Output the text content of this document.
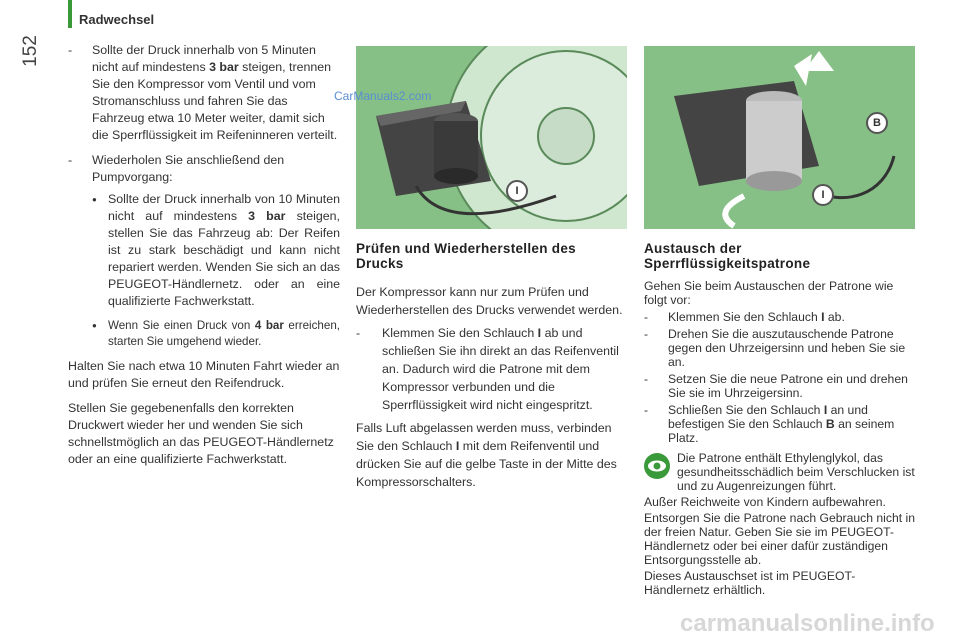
Radwechsel
152
-	Sollte der Druck innerhalb von 5 Minuten nicht auf mindestens 3 bar steigen, trennen Sie den Kompressor vom Ventil und vom Stromanschluss und fahren Sie das Fahrzeug etwa 10 Meter weiter, damit sich die Sperrflüssigkeit im Reifeninneren verteilt.
- Wiederholen Sie anschließend den Pumpvorgang:
● Sollte der Druck innerhalb von 10 Minuten nicht auf mindestens 3 bar steigen, stellen Sie das Fahrzeug ab: Der Reifen ist zu stark beschädigt und kann nicht repariert werden. Wenden Sie sich an das PEUGEOT-Händlernetz. oder an eine qualifizierte Fachwerkstatt.
● Wenn Sie einen Druck von 4 bar erreichen, starten Sie umgehend wieder.
Halten Sie nach etwa 10 Minuten Fahrt wieder an und prüfen Sie erneut den Reifendruck.
Stellen Sie gegebenenfalls den korrekten Druckwert wieder her und wenden Sie sich schnellstmöglich an das PEUGEOT-Händlernetz oder an eine qualifizierte Fachwerkstatt.
I
Prüfen und Wiederherstellen des Drucks
Der Kompressor kann nur zum Prüfen und Wiederherstellen des Drucks verwendet werden.
- Klemmen Sie den Schlauch I ab und schließen Sie ihn direkt an das Reifenventil an. Dadurch wird die Patrone mit dem Kompressor verbunden und die Sperrflüssigkeit wird nicht eingespritzt.
Falls Luft abgelassen werden muss, verbinden Sie den Schlauch I mit dem Reifenventil und drücken Sie auf die gelbe Taste in der Mitte des Kompressorschalters.
B
I
Austausch der Sperrflüssigkeitspatrone
Gehen Sie beim Austauschen der Patrone wie folgt vor:
- Klemmen Sie den Schlauch I ab.
- Drehen Sie die auszutauschende Patrone gegen den Uhrzeigersinn und heben Sie sie an.
- Setzen Sie die neue Patrone ein und drehen Sie sie im Uhrzeigersinn.
- Schließen Sie den Schlauch I an und befestigen Sie den Schlauch B an seinem Platz.
Die Patrone enthält Ethylenglykol, das gesundheitsschädlich beim Verschlucken ist und zu Augenreizungen führt.
Außer Reichweite von Kindern aufbewahren.
Entsorgen Sie die Patrone nach Gebrauch nicht in der freien Natur. Geben Sie sie im PEUGEOT-Händlernetz oder bei einer dafür zuständigen Entsorgungsstelle ab.
Dieses Austauschset ist im PEUGEOT-Händlernetz erhältlich.
CarManuals2.com
carmanualsonline.info
